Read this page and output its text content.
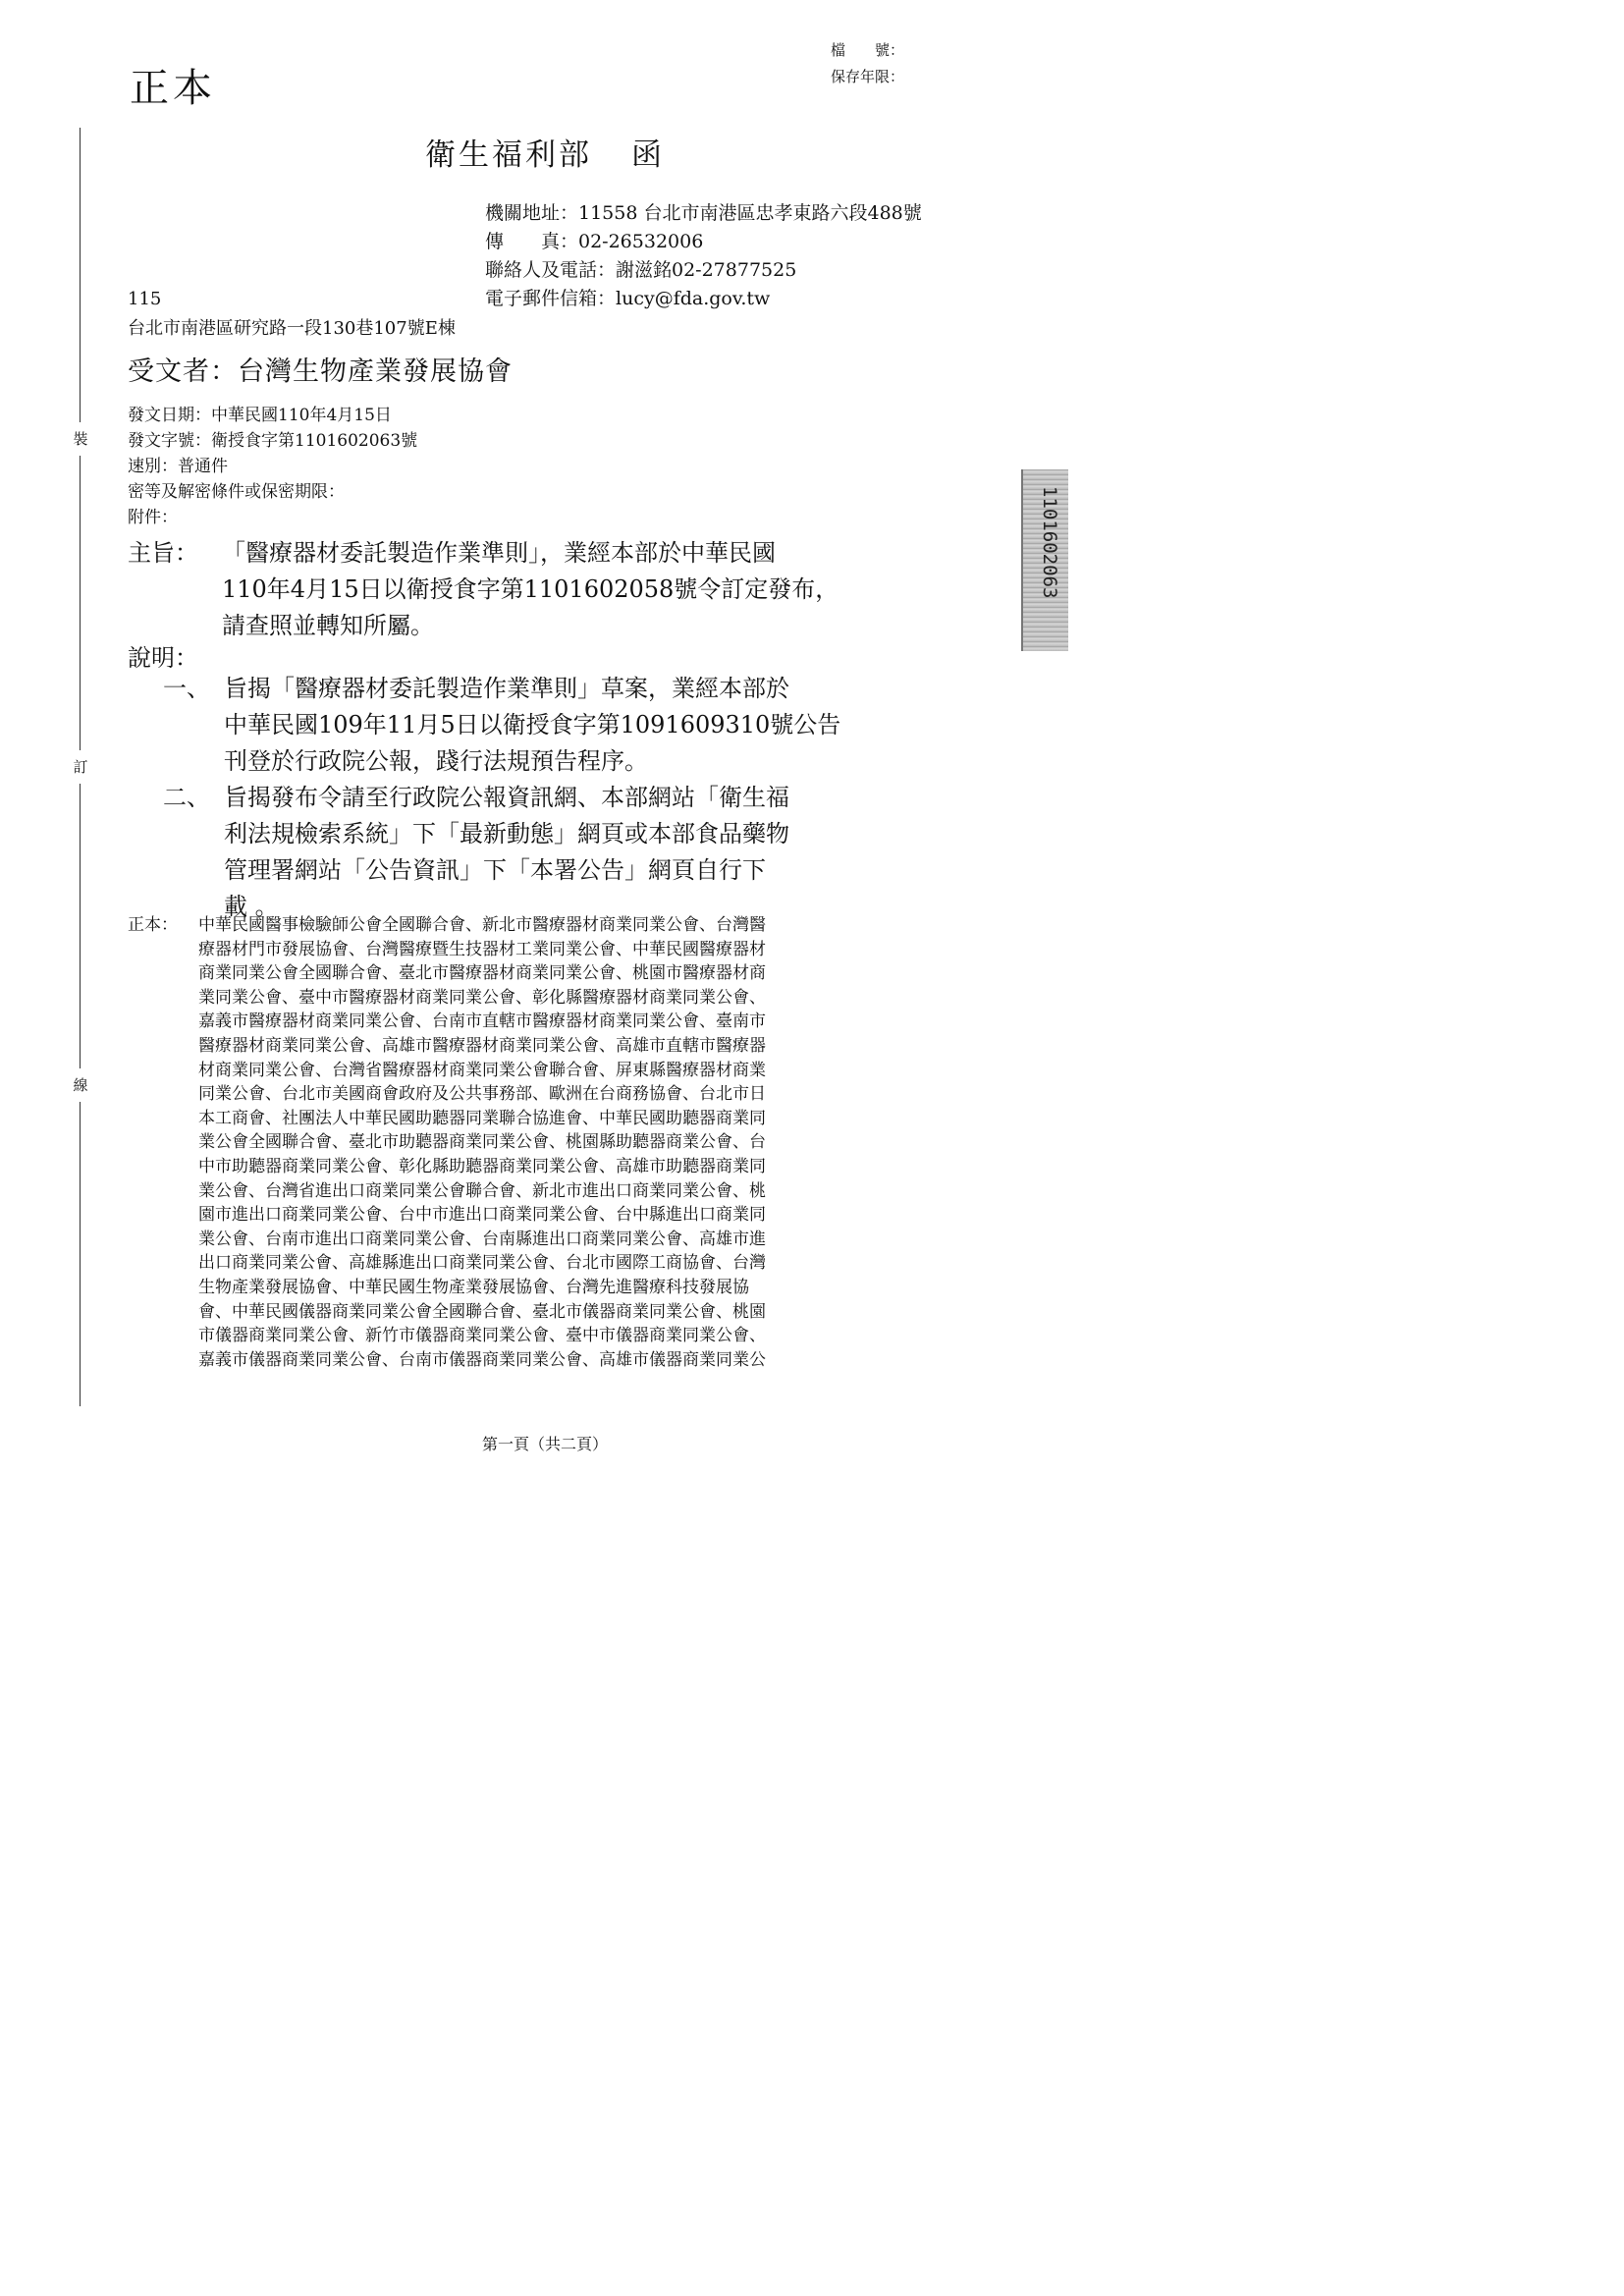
正本
檔　　號：
保存年限：
衛生福利部 函
機關地址：11558 台北市南港區忠孝東路六段488號
傳　　真：02-26532006
聯絡人及電話：謝滋銘02-27877525
電子郵件信箱：lucy@fda.gov.tw
115
台北市南港區研究路一段130巷107號E棟
受文者：台灣生物產業發展協會
發文日期：中華民國110年4月15日
發文字號：衛授食字第1101602063號
速別：普通件
密等及解密條件或保密期限：
附件：
主旨： 「醫療器材委託製造作業準則」，業經本部於中華民國
110年4月15日以衛授食字第1101602058號令訂定發布，
請查照並轉知所屬。
說明：
一、 旨揭「醫療器材委託製造作業準則」草案，業經本部於
中華民國109年11月5日以衛授食字第1091609310號公告
刊登於行政院公報，踐行法規預告程序。
二、 旨揭發布令請至行政院公報資訊網、本部網站「衛生福
利法規檢索系統」下「最新動態」網頁或本部食品藥物
管理署網站「公告資訊」下「本署公告」網頁自行下
載 。
正本： 中華民國醫事檢驗師公會全國聯合會、新北市醫療器材商業同業公會、台灣醫
療器材門市發展協會、台灣醫療暨生技器材工業同業公會、中華民國醫療器材
商業同業公會全國聯合會、臺北市醫療器材商業同業公會、桃園市醫療器材商
業同業公會、臺中市醫療器材商業同業公會、彰化縣醫療器材商業同業公會、
嘉義市醫療器材商業同業公會、台南市直轄市醫療器材商業同業公會、臺南市
醫療器材商業同業公會、高雄市醫療器材商業同業公會、高雄市直轄市醫療器
材商業同業公會、台灣省醫療器材商業同業公會聯合會、屏東縣醫療器材商業
同業公會、台北市美國商會政府及公共事務部、歐洲在台商務協會、台北市日
本工商會、社團法人中華民國助聽器同業聯合協進會、中華民國助聽器商業同
業公會全國聯合會、臺北市助聽器商業同業公會、桃園縣助聽器商業公會、台
中市助聽器商業同業公會、彰化縣助聽器商業同業公會、高雄市助聽器商業同
業公會、台灣省進出口商業同業公會聯合會、新北市進出口商業同業公會、桃
園市進出口商業同業公會、台中市進出口商業同業公會、台中縣進出口商業同
業公會、台南市進出口商業同業公會、台南縣進出口商業同業公會、高雄市進
出口商業同業公會、高雄縣進出口商業同業公會、台北市國際工商協會、台灣
生物產業發展協會、中華民國生物產業發展協會、台灣先進醫療科技發展協
會、中華民國儀器商業同業公會全國聯合會、臺北市儀器商業同業公會、桃園
市儀器商業同業公會、新竹市儀器商業同業公會、臺中市儀器商業同業公會、
嘉義市儀器商業同業公會、台南市儀器商業同業公會、高雄市儀器商業同業公
第一頁（共二頁）
裝
訂
線
1101602063
